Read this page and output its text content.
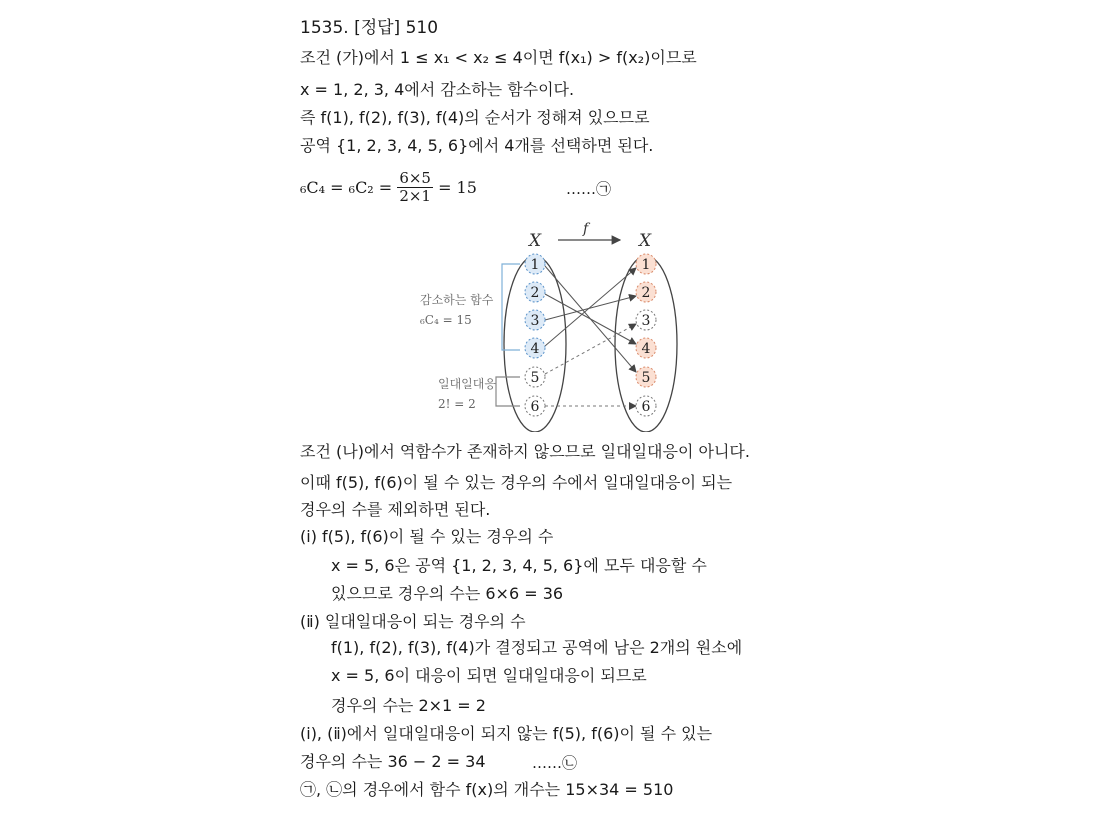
1535. [정답] 510
조건 (가)에서 1 ≤ x₁ < x₂ ≤ 4이면 f(x₁) > f(x₂)이므로
x = 1, 2, 3, 4에서 감소하는 함수이다.
즉 f(1), f(2), f(3), f(4)의 순서가 정해져 있으므로
공역 {1, 2, 3, 4, 5, 6}에서 4개를 선택하면 된다.
$_6C_4 = _6C_2 = \frac{6\times 5}{2\times 1} = 15$	……㉠
X	X
f
1
2
3
4
5
6
1
2
3
4
5
6
감소하는 함수
₆C₄ = 15
일대일대응
2! = 2
조건 (나)에서 역함수가 존재하지 않으므로 일대일대응이 아니다.
이때 f(5), f(6)이 될 수 있는 경우의 수에서 일대일대응이 되는
경우의 수를 제외하면 된다.
(ⅰ) f(5), f(6)이 될 수 있는 경우의 수
x = 5, 6은 공역 {1, 2, 3, 4, 5, 6}에 모두 대응할 수
있으므로 경우의 수는 6×6 = 36
(ⅱ) 일대일대응이 되는 경우의 수
f(1), f(2), f(3), f(4)가 결정되고 공역에 남은 2개의 원소에
x = 5, 6이 대응이 되면 일대일대응이 되므로
경우의 수는 2×1 = 2
(ⅰ), (ⅱ)에서 일대일대응이 되지 않는 f(5), f(6)이 될 수 있는
경우의 수는 36 − 2 = 34	……㉡
㉠, ㉡의 경우에서 함수 f(x)의 개수는 15×34 = 510
